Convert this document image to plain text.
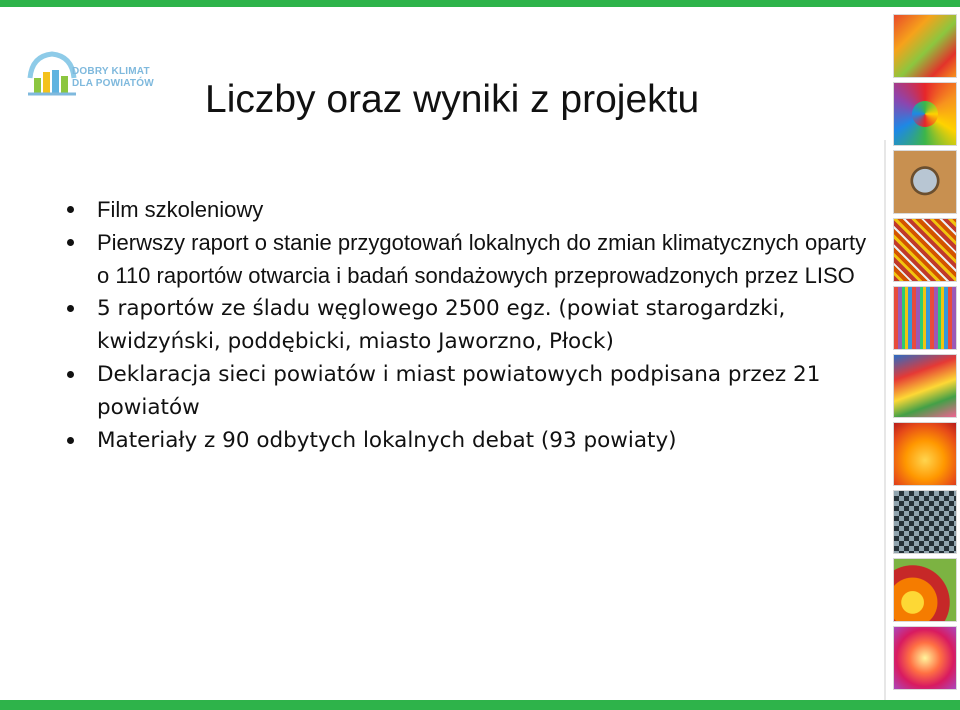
DOBRY KLIMAT
DLA POWIATÓW Liczby oraz wyniki z projektu
Film szkoleniowy
Pierwszy raport o stanie przygotowań lokalnych do zmian klimatycznych oparty o 110 raportów otwarcia i badań sondażowych przeprowadzonych przez LISO
5 raportów ze śladu węglowego 2500 egz. (powiat starogardzki, kwidzyński, poddębicki, miasto Jaworzno, Płock)
Deklaracja sieci powiatów i miast powiatowych podpisana przez 21 powiatów
Materiały z 90 odbytych lokalnych debat (93 powiaty)
